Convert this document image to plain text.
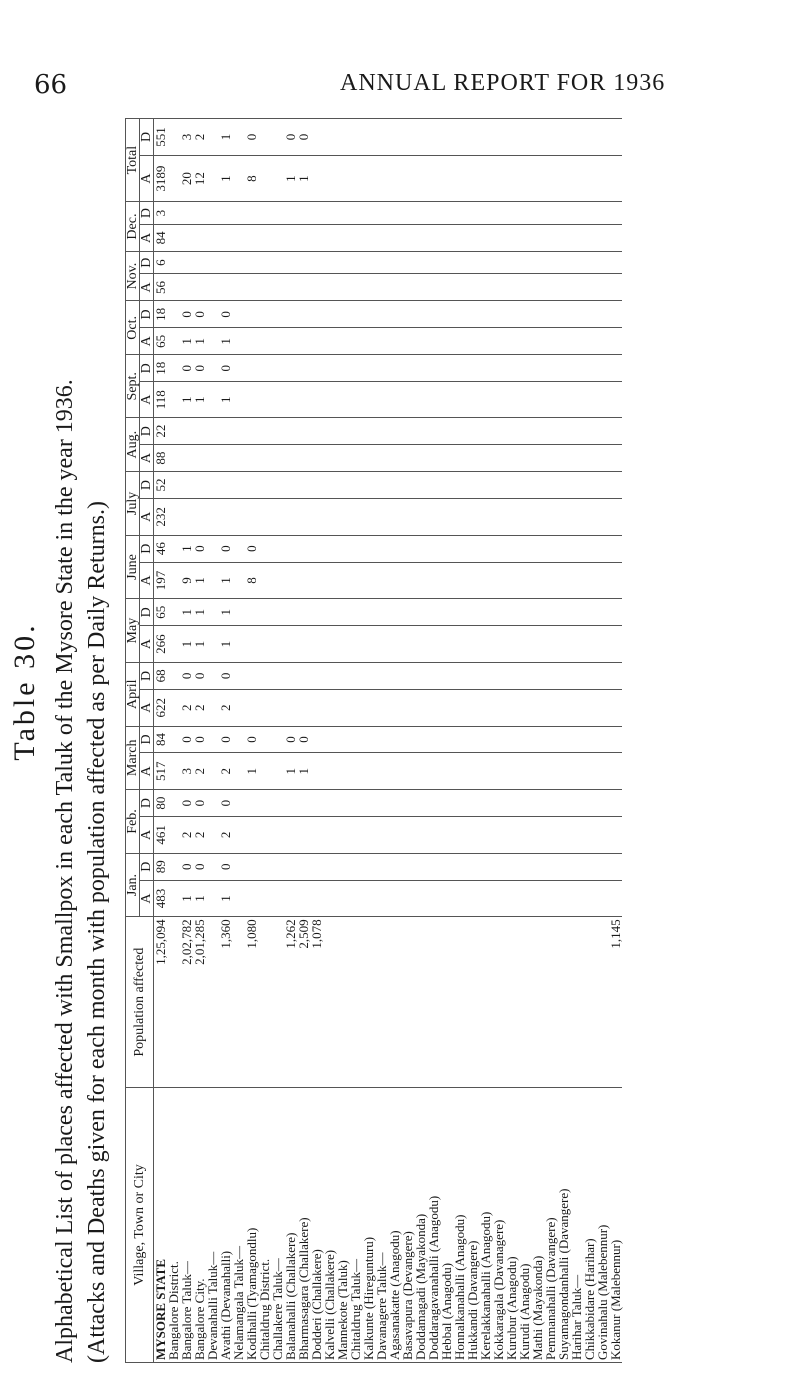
66	ANNUAL REPORT FOR 1936
Table 30. Alphabetical List of places affected with Smallpox in each Taluk of the Mysore State in the year 1936. (Attacks and Deaths given for each month with population affected as per Daily Returns.) Village, Town or City	Population affected	Jan.		Feb.		March		April		May		June		July		Aug.		Sept.		Oct.		Nov.		Dec.		Total	
		A	D	A	D	A	D	A	D	A	D	A	D	A	D	A	D	A	D	A	D	A	D	A	D	A	D
MYSORE STATE	1,25,094	483	89	461	80	517	84	622	68	266	65	197	46	232	52	88	22	118	18	65	18	56	6	84	3	3189	551
Bangalore District.																											
Bangalore Taluk—	2,02,782	1	0	2	0	3	0	2	0	1	1	9	1					1	0	1	0					20	3
Bangalore City.	2,01,285	1	0	2	0	2	0	2	0	1	1	1	0					1	0	1	0					12	2
Devanahalli Taluk—																											
Avathi (Devanahalli)	1,360	1	0	2	0	2	0	2	0	1	1	1	0					1	0	1	0					1	1
Nelamangala Taluk—																											
Kodihalli (Tyamagondlu)	1,080					1	0					8	0													8	0
Chitaldrug District.																											
Challakere Taluk—																											
Balanahalli (Challakere)	1,262					1	0																			1	0
Bharmasagara (Challakere)	2,509					1	0																			1	0
Dodderi (Challakere)	1,078																										
Kalvelli (Challakere)																											
Mannekote (Taluk)																											
Chitaldrug Taluk—																											
Kalkunte (Hiregunturu)																											
Davanagere Taluk—																											
Agasanakatte (Anagodu)																											
Basavapura (Devangere)																											
Doddamagadi (Mayakonda)																											
Doddaragavanahalli (Anagodu)																											
Hebbal (Anagodu)																											
Honnalkanahalli (Anagodu)																											
Hukkandi (Davangere)																											
Kerelakkanahalli (Anagodu)																											
Kokkaragala (Davanagere)																											
Kurubur (Anagodu)																											
Kurudi (Anagodu)																											
Mathi (Mayakonda)																											
Pemmanahalli (Davangere)																											
Suyamagondanhalli (Davangere)																											
Harihar Taluk—																											
Chikkabidare (Harihar)																											
Govinahalu (Malebennur)																											
Kokanur (Malebennur)	1,145																										
